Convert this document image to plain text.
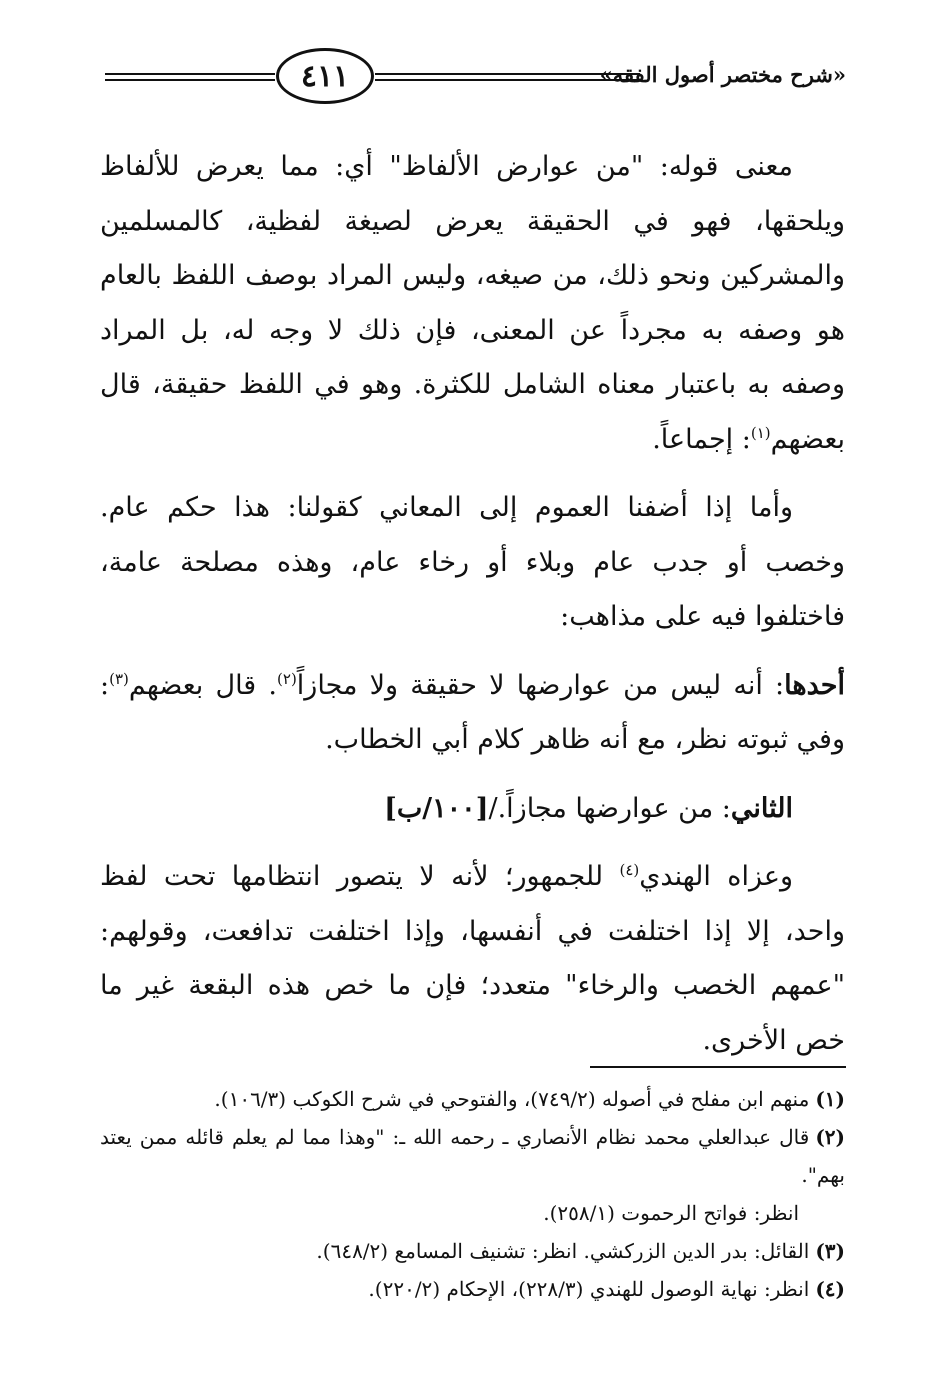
٤١١	«شرح مختصر أصول الفقه»

معنى قوله: "من عوارض الألفاظ" أي: مما يعرض للألفاظ ويلحقها، فهو في الحقيقة يعرض لصيغة لفظية، كالمسلمين والمشركين ونحو ذلك، من صيغه، وليس المراد بوصف اللفظ بالعام هو وصفه به مجرداً عن المعنى، فإن ذلك لا وجه له، بل المراد وصفه به باعتبار معناه الشامل للكثرة. وهو في اللفظ حقيقة، قال بعضهم$^{(١)}$: إجماعاً.

وأما إذا أضفنا العموم إلى المعاني كقولنا: هذا حكم عام. وخصب أو جدب عام وبلاء أو رخاء عام، وهذه مصلحة عامة، فاختلفوا فيه على مذاهب:

أحدها: أنه ليس من عوارضها لا حقيقة ولا مجازاً$^{(٢)}$. قال بعضهم$^{(٣)}$: وفي ثبوته نظر، مع أنه ظاهر كلام أبي الخطاب.

الثاني: من عوارضها مجازاً./[١٠٠/ب]

وعزاه الهندي$^{(٤)}$ للجمهور؛ لأنه لا يتصور انتظامها تحت لفظ واحد، إلا إذا اختلفت في أنفسها، وإذا اختلفت تدافعت، وقولهم: "عمهم الخصب والرخاء" متعدد؛ فإن ما خص هذه البقعة غير ما خص الأخرى.

(١)منهم ابن مفلح في أصوله (٧٤٩/٢)، والفتوحي في شرح الكوكب (١٠٦/٣).

(٢)قال عبدالعلي محمد نظام الأنصاري ـ رحمه الله ـ: "وهذا مما لم يعلم قائله ممن يعتد بهم".

انظر: فواتح الرحموت (٢٥٨/١).

(٣)القائل: بدر الدين الزركشي. انظر: تشنيف المسامع (٦٤٨/٢).

(٤)انظر: نهاية الوصول للهندي (٢٢٨/٣)، الإحكام (٢٢٠/٢).
